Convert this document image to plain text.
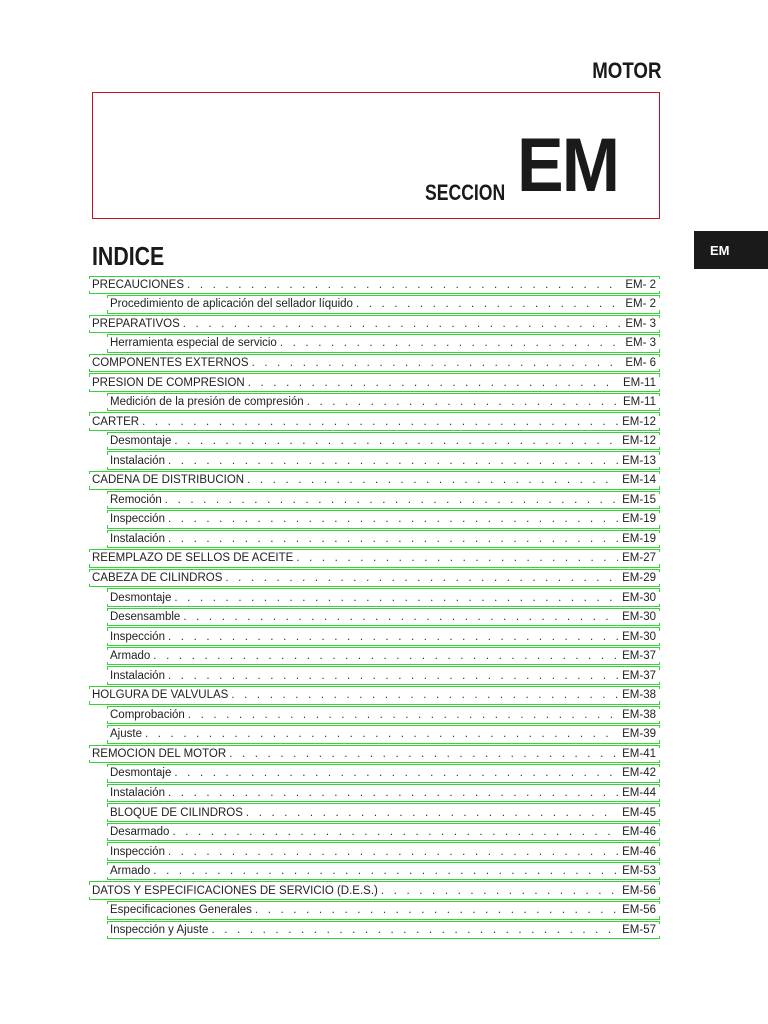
MOTOR
SECCION EM
EM
INDICE
PRECAUCIONES . . .	EM- 2
Procedimiento de aplicación del sellador líquido . . .	EM- 2
PREPARATIVOS . . .	EM- 3
Herramienta especial de servicio . . .	EM- 3
COMPONENTES EXTERNOS . . .	EM- 6
PRESION DE COMPRESION . . .	EM-11
Medición de la presión de compresión . . .	EM-11
CARTER . . .	EM-12
Desmontaje . . .	EM-12
Instalación . . .	EM-13
CADENA DE DISTRIBUCION . . .	EM-14
Remoción . . .	EM-15
Inspección . . .	EM-19
Instalación . . .	EM-19
REEMPLAZO DE SELLOS DE ACEITE . . .	EM-27
CABEZA DE CILINDROS . . .	EM-29
Desmontaje . . .	EM-30
Desensamble . . .	EM-30
Inspección . . .	EM-30
Armado . . .	EM-37
Instalación . . .	EM-37
HOLGURA DE VALVULAS . . .	EM-38
Comprobación . . .	EM-38
Ajuste . . .	EM-39
REMOCION DEL MOTOR . . .	EM-41
Desmontaje . . .	EM-42
Instalación . . .	EM-44
BLOQUE DE CILINDROS . . .	EM-45
Desarmado . . .	EM-46
Inspección . . .	EM-46
Armado . . .	EM-53
DATOS Y ESPECIFICACIONES DE SERVICIO (D.E.S.) . . .	EM-56
Especificaciones Generales . . .	EM-56
Inspección y Ajuste . . .	EM-57
